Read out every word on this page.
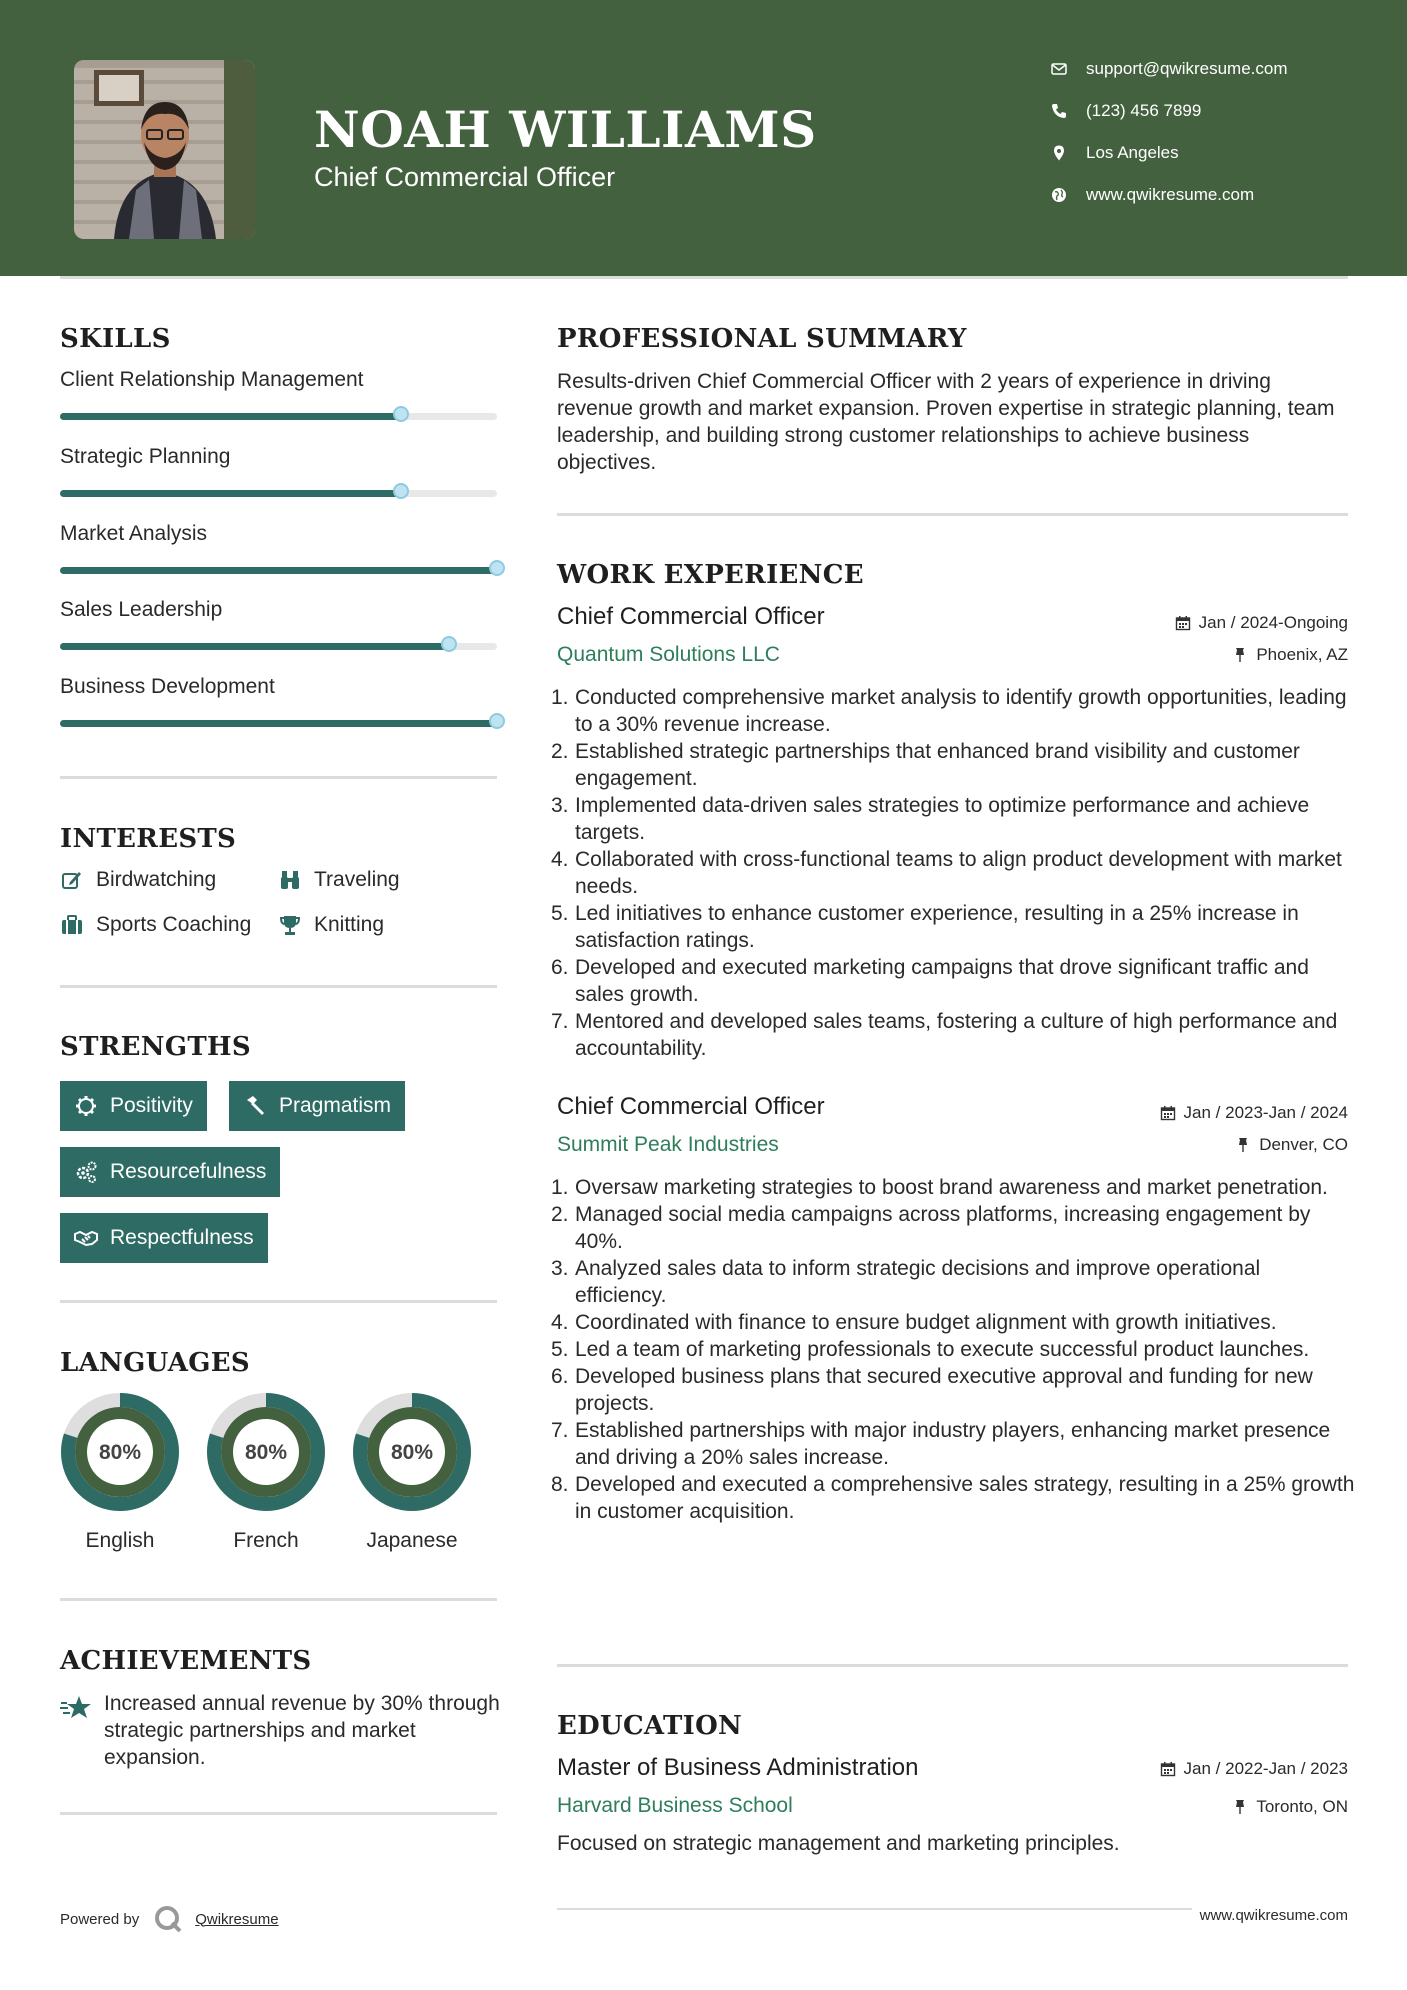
NOAH WILLIAMS
Chief Commercial Officer
support@qwikresume.com
(123) 456 7899
Los Angeles
www.qwikresume.com
SKILLS
Client Relationship Management
Strategic Planning
Market Analysis
Sales Leadership
Business Development
INTERESTS
Birdwatching	Traveling
Sports Coaching	Knitting
STRENGTHS
Positivity	Pragmatism
Resourcefulness
Respectfulness
LANGUAGES
80%
English
80%
French
80%
Japanese
ACHIEVEMENTS
Increased annual revenue by 30% through strategic partnerships and market expansion.
PROFESSIONAL SUMMARY
Results-driven Chief Commercial Officer with 2 years of experience in driving revenue growth and market expansion. Proven expertise in strategic planning, team leadership, and building strong customer relationships to achieve business objectives.
WORK EXPERIENCE
Chief Commercial Officer	Jan / 2024-Ongoing
Quantum Solutions LLC	Phoenix, AZ
1. Conducted comprehensive market analysis to identify growth opportunities, leading to a 30% revenue increase.
2. Established strategic partnerships that enhanced brand visibility and customer engagement.
3. Implemented data-driven sales strategies to optimize performance and achieve targets.
4. Collaborated with cross-functional teams to align product development with market needs.
5. Led initiatives to enhance customer experience, resulting in a 25% increase in satisfaction ratings.
6. Developed and executed marketing campaigns that drove significant traffic and sales growth.
7. Mentored and developed sales teams, fostering a culture of high performance and accountability.
Chief Commercial Officer	Jan / 2023-Jan / 2024
Summit Peak Industries	Denver, CO
1. Oversaw marketing strategies to boost brand awareness and market penetration.
2. Managed social media campaigns across platforms, increasing engagement by 40%.
3. Analyzed sales data to inform strategic decisions and improve operational efficiency.
4. Coordinated with finance to ensure budget alignment with growth initiatives.
5. Led a team of marketing professionals to execute successful product launches.
6. Developed business plans that secured executive approval and funding for new projects.
7. Established partnerships with major industry players, enhancing market presence and driving a 20% sales increase.
8. Developed and executed a comprehensive sales strategy, resulting in a 25% growth in customer acquisition.
EDUCATION
Master of Business Administration	Jan / 2022-Jan / 2023
Harvard Business School	Toronto, ON
Focused on strategic management and marketing principles.
Powered by	Qwikresume	www.qwikresume.com
